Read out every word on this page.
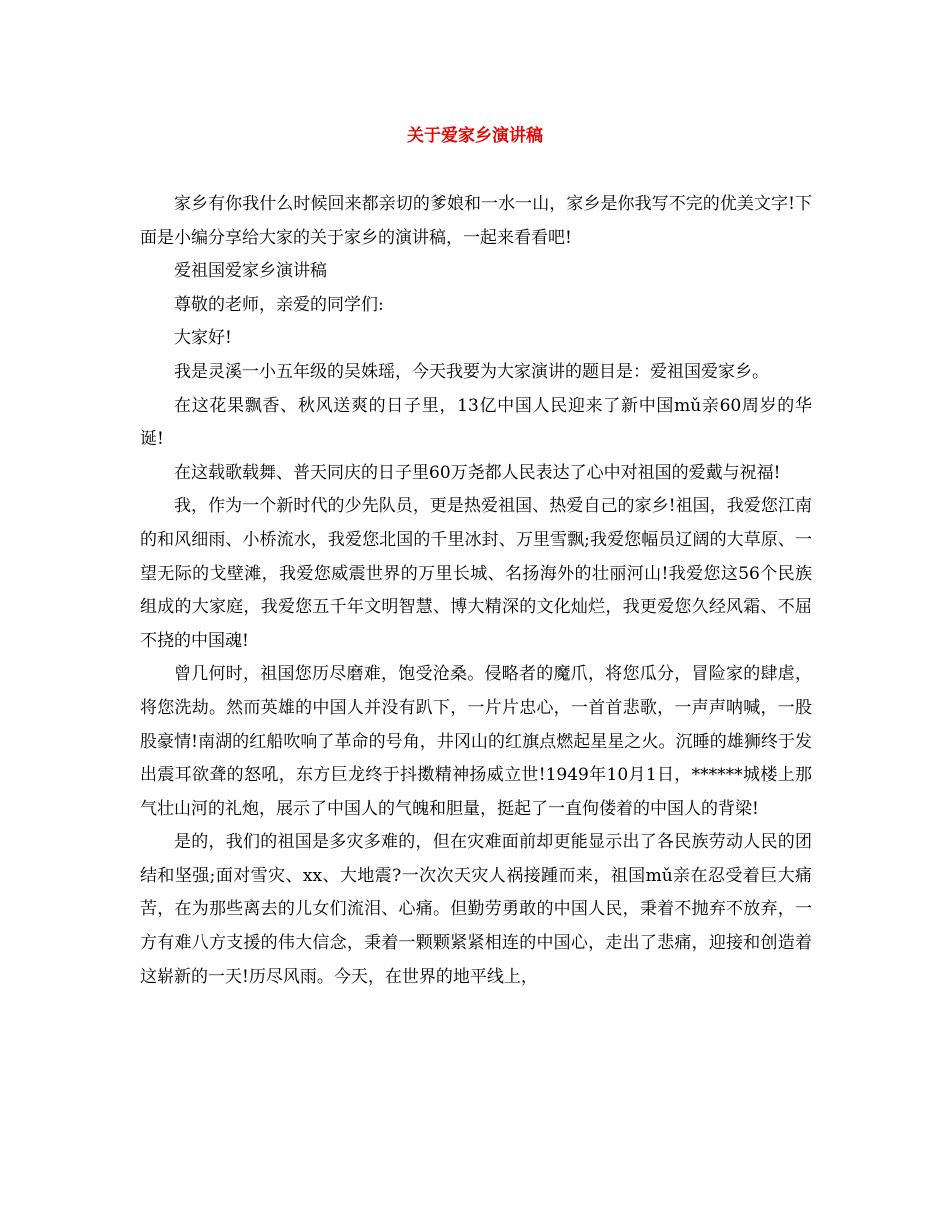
关于爱家乡演讲稿

家乡有你我什么时候回来都亲切的爹娘和一水一山，家乡是你我写不完的优美文字!下面是小编分享给大家的关于家乡的演讲稿，一起来看看吧!

爱祖国爱家乡演讲稿

尊敬的老师，亲爱的同学们:

大家好!

我是灵溪一小五年级的吴姝瑶，今天我要为大家演讲的题目是：爱祖国爱家乡。

在这花果飘香、秋风送爽的日子里，13亿中国人民迎来了新中国mǔ亲60周岁的华诞!

在这载歌载舞、普天同庆的日子里60万尧都人民表达了心中对祖国的爱戴与祝福!

我，作为一个新时代的少先队员，更是热爱祖国、热爱自己的家乡!祖国，我爱您江南的和风细雨、小桥流水，我爱您北国的千里冰封、万里雪飘;我爱您幅员辽阔的大草原、一望无际的戈壁滩，我爱您威震世界的万里长城、名扬海外的壮丽河山!我爱您这56个民族组成的大家庭，我爱您五千年文明智慧、博大精深的文化灿烂，我更爱您久经风霜、不屈不挠的中国魂!

曾几何时，祖国您历尽磨难，饱受沧桑。侵略者的魔爪，将您瓜分，冒险家的肆虐，将您洗劫。然而英雄的中国人并没有趴下，一片片忠心，一首首悲歌，一声声呐喊，一股股豪情!南湖的红船吹响了革命的号角，井冈山的红旗点燃起星星之火。沉睡的雄狮终于发出震耳欲聋的怒吼，东方巨龙终于抖擞精神扬威立世!1949年10月1日，******城楼上那气壮山河的礼炮，展示了中国人的气魄和胆量，挺起了一直佝偻着的中国人的背梁!

是的，我们的祖国是多灾多难的，但在灾难面前却更能显示出了各民族劳动人民的团结和坚强;面对雪灾、xx、大地震?一次次天灾人祸接踵而来，祖国mǔ亲在忍受着巨大痛苦，在为那些离去的儿女们流泪、心痛。但勤劳勇敢的中国人民，秉着不抛弃不放弃，一方有难八方支援的伟大信念，秉着一颗颗紧紧相连的中国心，走出了悲痛，迎接和创造着这崭新的一天!历尽风雨。今天，在世界的地平线上，
